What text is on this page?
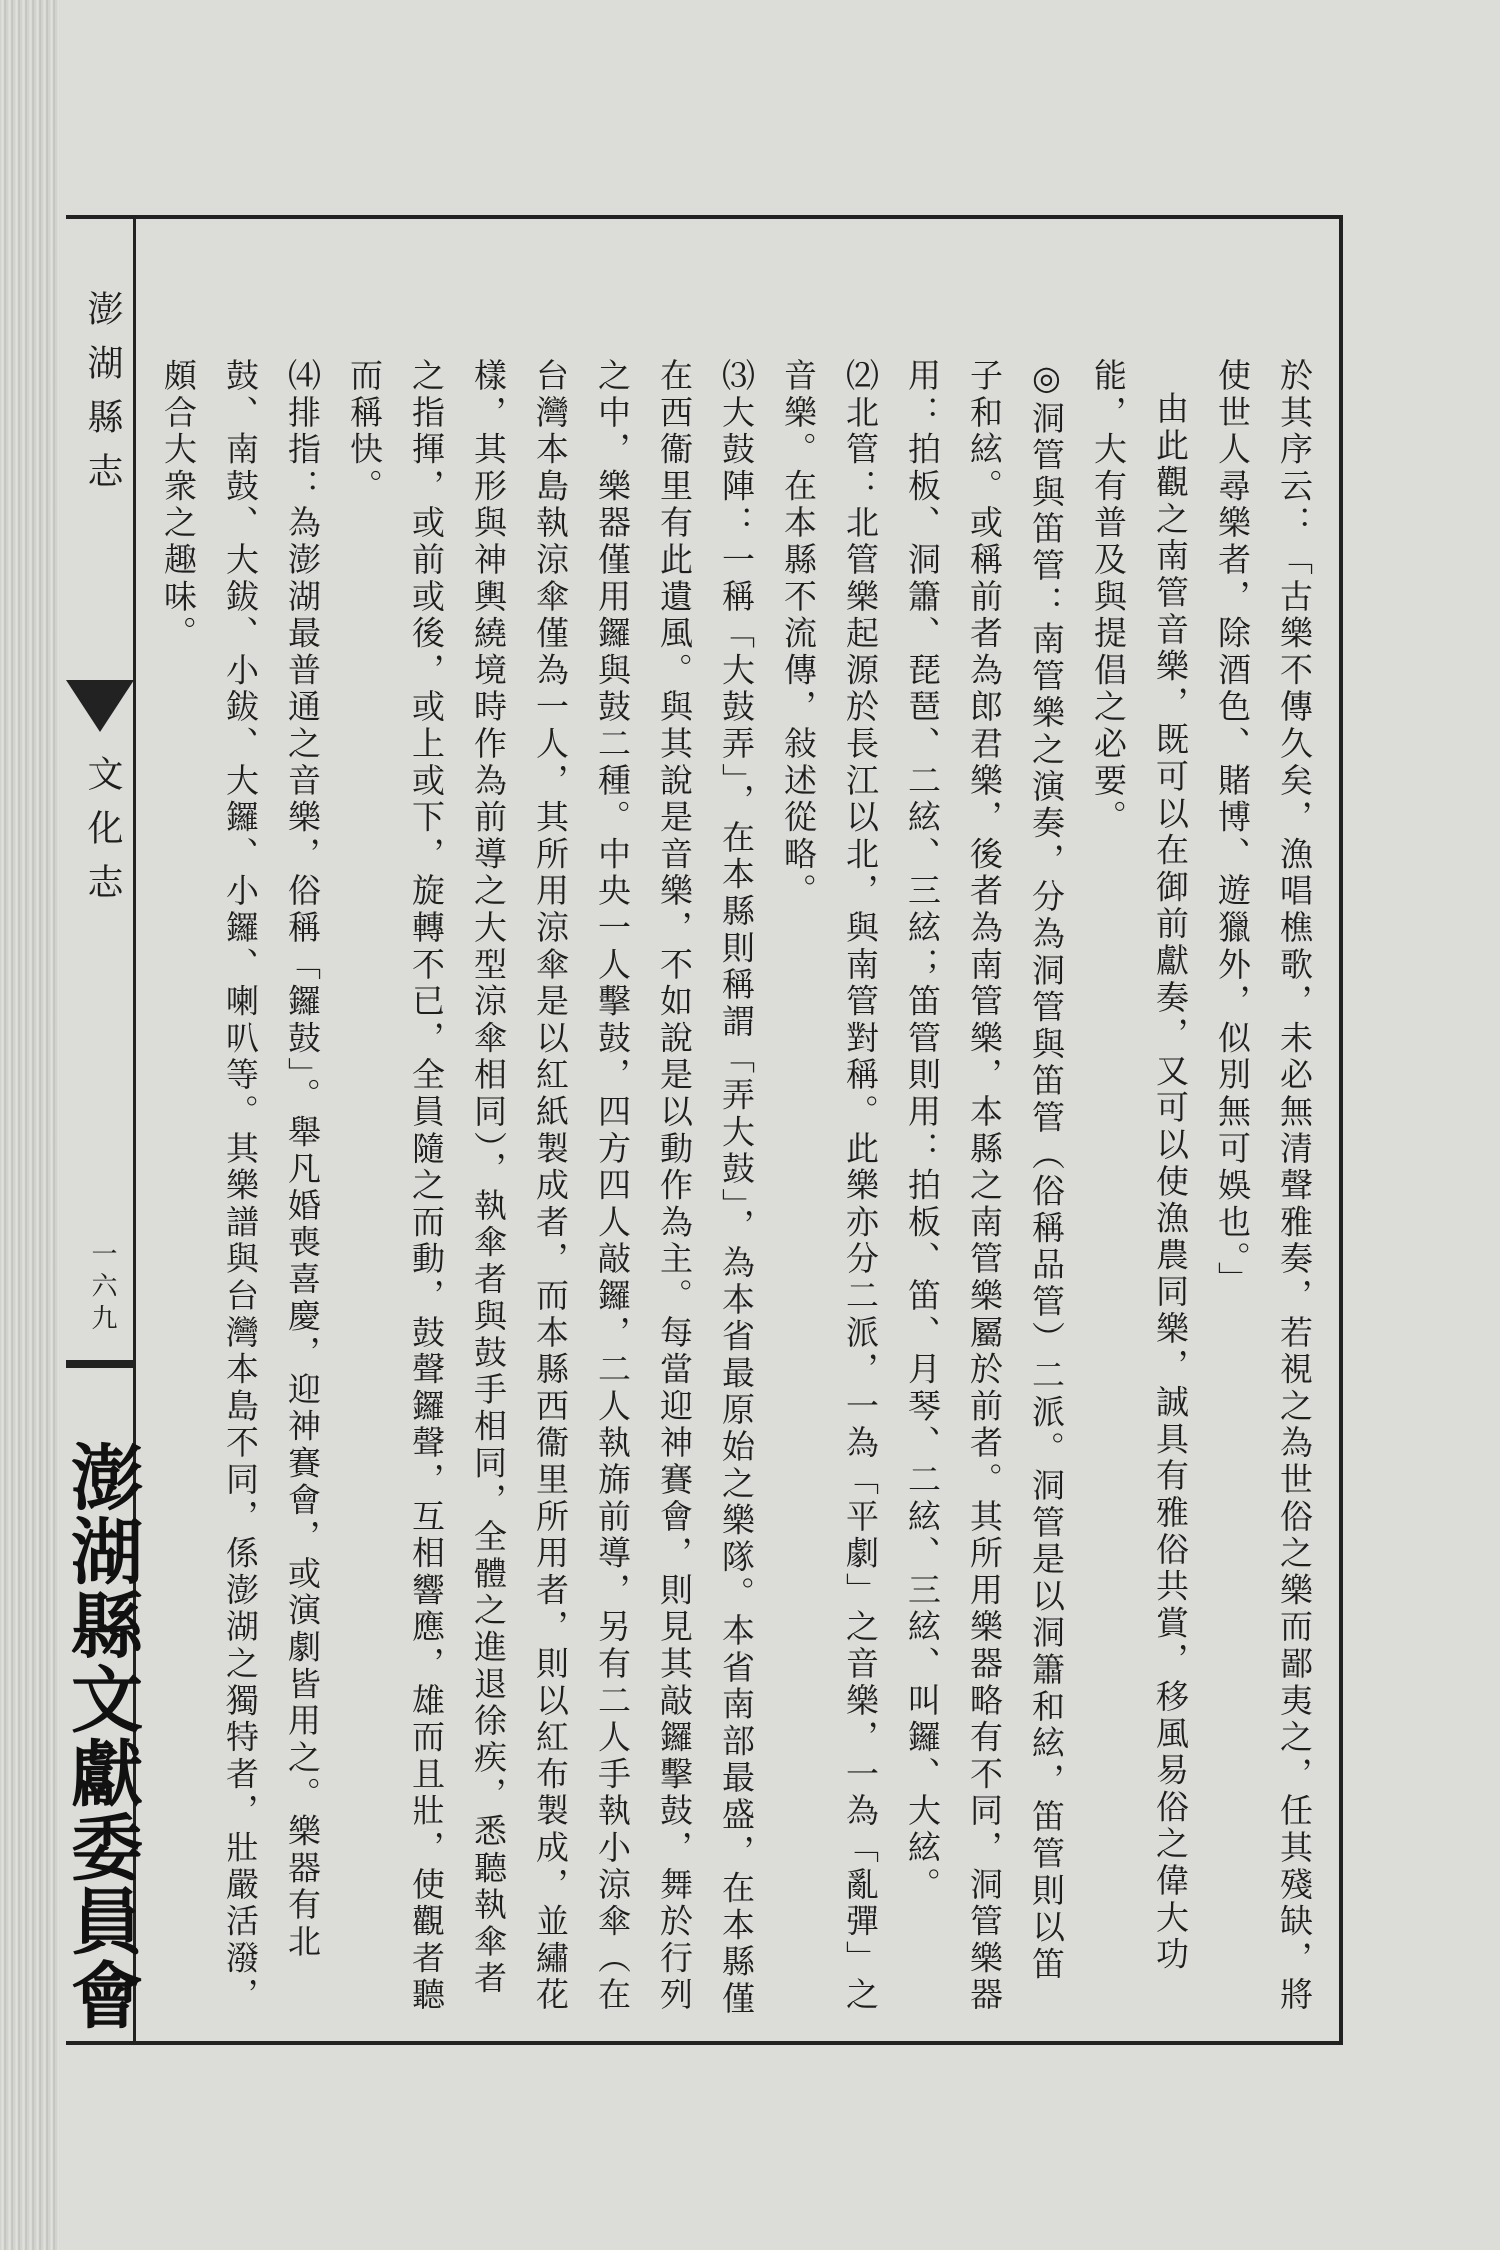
澎湖縣志
文化志
一六九
澎湖縣文獻委員會	於其序云：「古樂不傳久矣，漁唱樵歌，未必無清聲雅奏，若視之為世俗之樂而鄙夷之，任其殘缺，將使世人尋樂者，除酒色、賭博、遊獵外，似別無可娛也。」

由此觀之南管音樂，既可以在御前獻奏，又可以使漁農同樂，誠具有雅俗共賞，移風易俗之偉大功能，大有普及與提倡之必要。

◎洞管與笛管：南管樂之演奏，分為洞管與笛管（俗稱品管）二派。洞管是以洞簫和絃，笛管則以笛子和絃。或稱前者為郎君樂，後者為南管樂，本縣之南管樂屬於前者。其所用樂器略有不同，洞管樂器用：拍板、洞簫、琵琶、二絃、三絃；笛管則用：拍板、笛、月琴、二絃、三絃、叫鑼、大絃。

⑵北管：北管樂起源於長江以北，與南管對稱。此樂亦分二派，一為「平劇」之音樂，一為「亂彈」之音樂。在本縣不流傳，敍述從略。

⑶大鼓陣：一稱「大鼓弄」，在本縣則稱謂「弄大鼓」，為本省最原始之樂隊。本省南部最盛，在本縣僅在西衞里有此遺風。與其說是音樂，不如說是以動作為主。每當迎神賽會，則見其敲鑼擊鼓，舞於行列之中，樂器僅用鑼與鼓二種。中央一人擊鼓，四方四人敲鑼，二人執旆前導，另有二人手執小涼傘（在台灣本島執涼傘僅為一人，其所用涼傘是以紅紙製成者，而本縣西衞里所用者，則以紅布製成，並繡花樣，其形與神輿繞境時作為前導之大型涼傘相同），執傘者與鼓手相同，全體之進退徐疾，悉聽執傘者之指揮，或前或後，或上或下，旋轉不已，全員隨之而動，鼓聲鑼聲，互相響應，雄而且壯，使觀者聽而稱快。

⑷排指：為澎湖最普通之音樂，俗稱「鑼鼓」。舉凡婚喪喜慶，迎神賽會，或演劇皆用之。樂器有北鼓、南鼓、大鈸、小鈸、大鑼、小鑼、喇叭等。其樂譜與台灣本島不同，係澎湖之獨特者，壯嚴活潑，頗合大衆之趣味。
